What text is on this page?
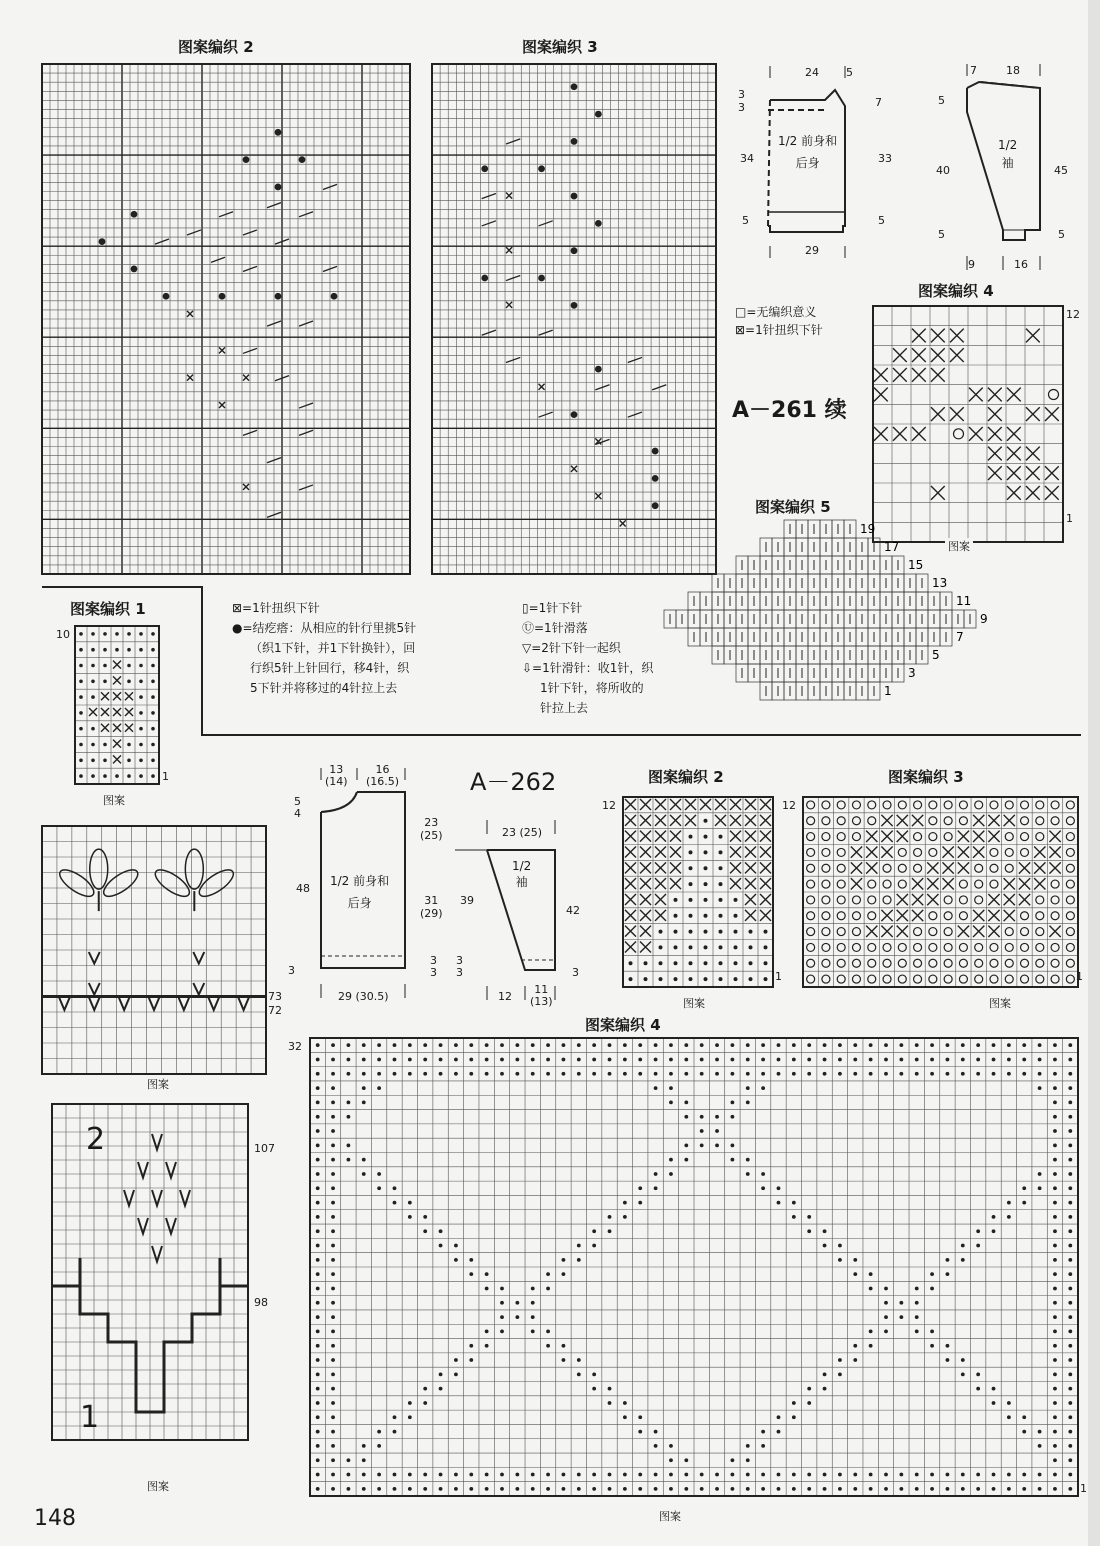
图案编织 2	图案编织 3
24 5
3
3	7
1/2 前身和
后身
34	33
5	5
29
7	18
5
1/2
袖
40	45
5	5
9	16
图案编织 4
□=无编织意义
⊠=1针扭织下针
A－261 续
12
1
图案
图案编织 5
19
17
15
13
11
9
7
5
3
1
图案编织 1
10
1
图案
⊠=1针扭织下针
●=结疙瘩：从相应的针行里挑5针
（织1下针，并1下针换针），回
行织5针上针回行，移4针，织
5下针并将移过的4针拉上去
▯=1针下针
Ⓤ=1针滑落
▽=2针下针一起织
⇩=1针滑针：收1针，织
1针下针，将所收的
针拉上去
13
(14)
16
(16.5)
5
4
23
(25)
1/2 前身和
后身
48
31
(29)
3
3
3
29 (30.5)
A－262
23 (25)
1/2
袖
39
42
3
3	3
12
11
(13)
图案编织 2
12
1
图案
图案编织 3
12
1
图案
73
72
图案
图案编织 4
32
1
图案
2
1
107
98
图案
148
